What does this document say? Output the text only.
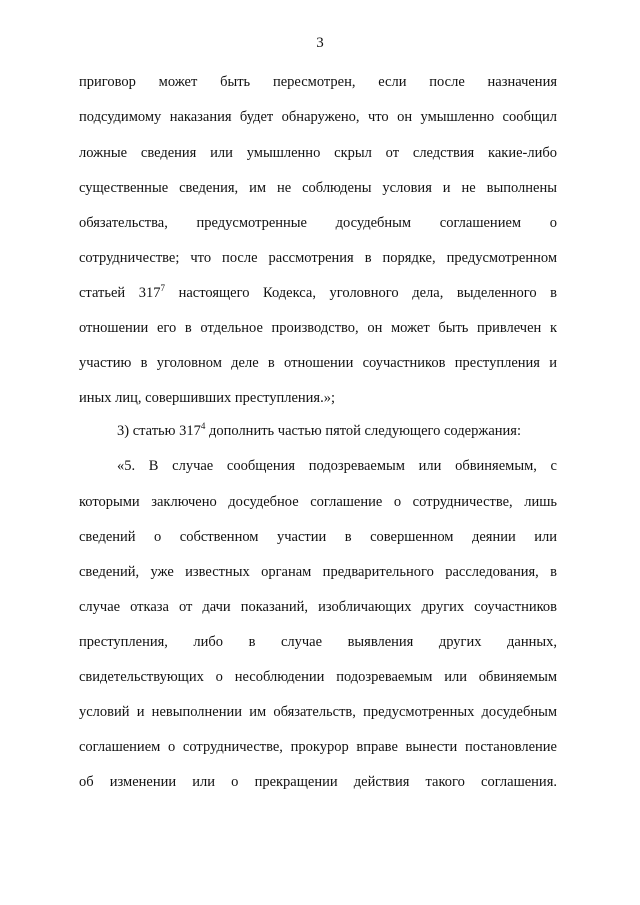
3
приговор может быть пересмотрен, если после назначения
подсудимому наказания будет обнаружено, что он умышленно сообщил
ложные сведения или умышленно скрыл от следствия какие-либо
существенные сведения, им не соблюдены условия и не выполнены
обязательства, предусмотренные досудебным соглашением о
сотрудничестве; что после рассмотрения в порядке, предусмотренном
статьей $317^7$ настоящего Кодекса, уголовного дела, выделенного в
отношении его в отдельное производство, он может быть привлечен к
участию в уголовном деле в отношении соучастников преступления и
иных лиц, совершивших преступления.»;
3) статью $317^4$ дополнить частью пятой следующего содержания:
«5. В случае сообщения подозреваемым или обвиняемым, с
которыми заключено досудебное соглашение о сотрудничестве, лишь
сведений о собственном участии в совершенном деянии или
сведений, уже известных органам предварительного расследования, в
случае отказа от дачи показаний, изобличающих других соучастников
преступления, либо в случае выявления других данных,
свидетельствующих о несоблюдении подозреваемым или обвиняемым
условий и невыполнении им обязательств, предусмотренных досудебным
соглашением о сотрудничестве, прокурор вправе вынести постановление
об изменении или о прекращении действия такого соглашения.
